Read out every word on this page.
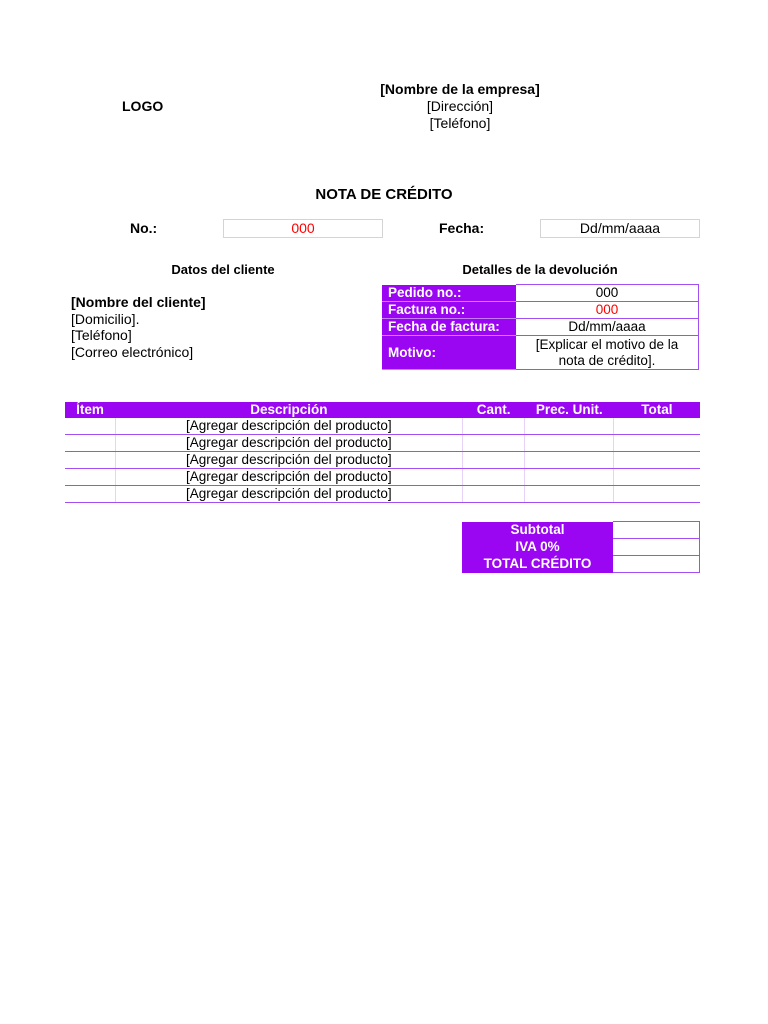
LOGO
[Nombre de la empresa]
[Dirección]
[Teléfono]
NOTA DE CRÉDITO
No.:	000	Fecha:	Dd/mm/aaaa
Datos del cliente	Detalles de la devolución
[Nombre del cliente]
[Domicilio].
[Teléfono]
[Correo electrónico]
Pedido no.:	000
Factura no.:	000
Fecha de factura:	Dd/mm/aaaa
Motivo:	[Explicar el motivo de la nota de crédito].
Ítem	Descripción	Cant.	Prec. Unit.	Total
	[Agregar descripción del producto]			
	[Agregar descripción del producto]			
	[Agregar descripción del producto]			
	[Agregar descripción del producto]			
	[Agregar descripción del producto]			
Subtotal	
IVA 0%	
TOTAL CRÉDITO	
